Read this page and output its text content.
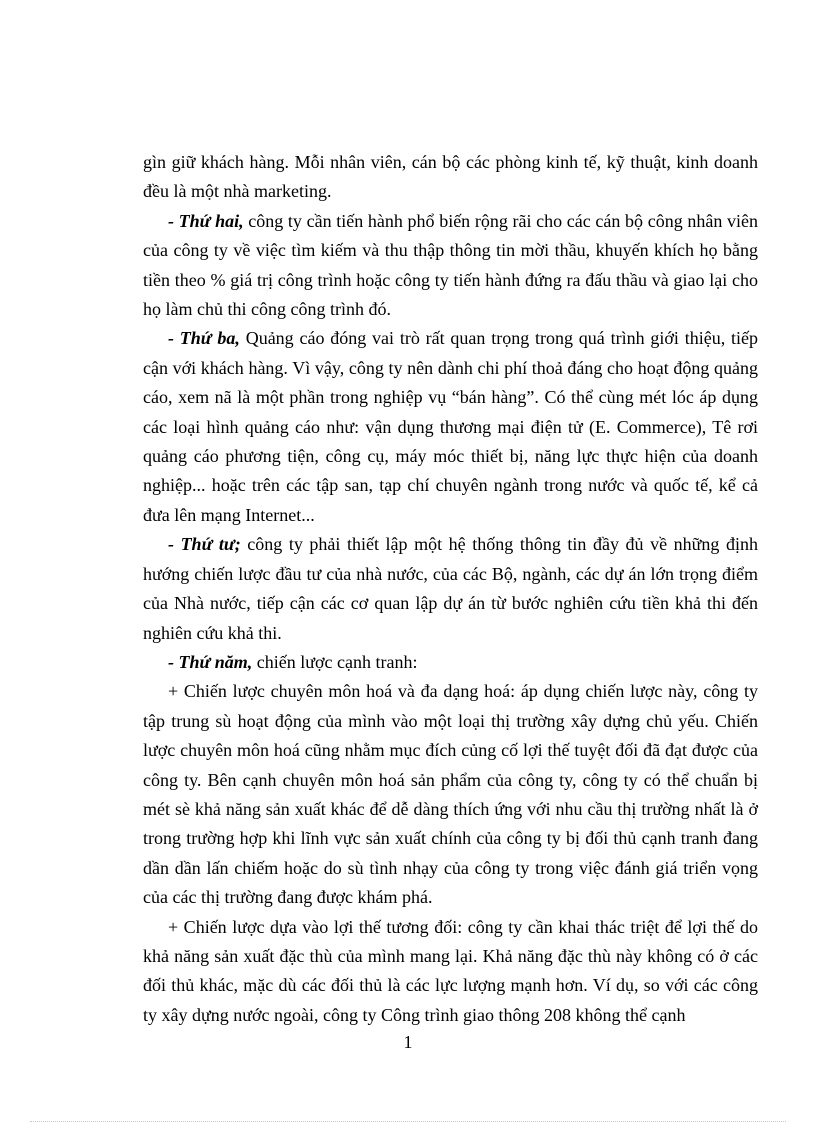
gìn giữ khách hàng. Mỗi nhân viên, cán bộ các phòng kinh tế, kỹ thuật, kinh doanh đều là một nhà marketing.

- Thứ hai, công ty cần tiến hành phổ biến rộng rãi cho các cán bộ công nhân viên của công ty về việc tìm kiếm và thu thập thông tin mời thầu, khuyến khích họ bằng tiền theo % giá trị công trình hoặc công ty tiến hành đứng ra đấu thầu và giao lại cho họ làm chủ thi công công trình đó.

- Thứ ba, Quảng cáo đóng vai trò rất quan trọng trong quá trình giới thiệu, tiếp cận với khách hàng. Vì vậy, công ty nên dành chi phí thoả đáng cho hoạt động quảng cáo, xem nã là một phần trong nghiệp vụ “bán hàng”. Có thể cùng mét lóc áp dụng các loại hình quảng cáo như: vận dụng thương mại điện tử (E. Commerce), Tê rơi quảng cáo phương tiện, công cụ, máy móc thiết bị, năng lực thực hiện của doanh nghiệp... hoặc trên các tập san, tạp chí chuyên ngành trong nước và quốc tế, kể cả đưa lên mạng Internet...

- Thứ tư; công ty phải thiết lập một hệ thống thông tin đầy đủ về những định hướng chiến lược đầu tư của nhà nước, của các Bộ, ngành, các dự án lớn trọng điểm của Nhà nước, tiếp cận các cơ quan lập dự án từ bước nghiên cứu tiền khả thi đến nghiên cứu khả thi.

- Thứ năm, chiến lược cạnh tranh:

+ Chiến lược chuyên môn hoá và đa dạng hoá: áp dụng chiến lược này, công ty tập trung sù hoạt động của mình vào một loại thị trường xây dựng chủ yếu. Chiến lược chuyên môn hoá cũng nhằm mục đích củng cố lợi thế tuyệt đối đã đạt được của công ty. Bên cạnh chuyên môn hoá sản phẩm của công ty, công ty có thể chuẩn bị mét sè khả năng sản xuất khác để dễ dàng thích ứng với nhu cầu thị trường nhất là ở trong trường hợp khi lĩnh vực sản xuất chính của công ty bị đối thủ cạnh tranh đang dần dần lấn chiếm hoặc do sù tình nhạy của công ty trong việc đánh giá triển vọng của các thị trường đang được khám phá.

+ Chiến lược dựa vào lợi thế tương đối: công ty cần khai thác triệt để lợi thế do khả năng sản xuất đặc thù của mình mang lại. Khả năng đặc thù này không có ở các đối thủ khác, mặc dù các đối thủ là các lực lượng mạnh hơn. Ví dụ, so với các công ty xây dựng nước ngoài, công ty Công trình giao thông 208 không thể cạnh

1
